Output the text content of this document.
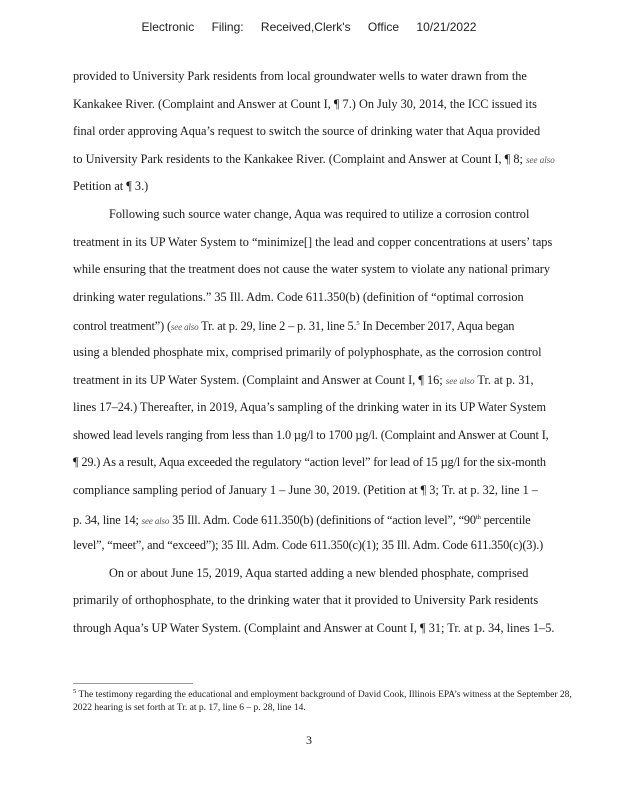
Electronic Filing: Received,Clerk's Office 10/21/2022
provided to University Park residents from local groundwater wells to water drawn from the
Kankakee River. (Complaint and Answer at Count I, ¶ 7.) On July 30, 2014, the ICC issued its
final order approving Aqua’s request to switch the source of drinking water that Aqua provided
to University Park residents to the Kankakee River. (Complaint and Answer at Count I, ¶ 8; see also
Petition at ¶ 3.)
Following such source water change, Aqua was required to utilize a corrosion control
treatment in its UP Water System to “minimize[] the lead and copper concentrations at users’ taps
while ensuring that the treatment does not cause the water system to violate any national primary
drinking water regulations.” 35 Ill. Adm. Code 611.350(b) (definition of “optimal corrosion
control treatment”) (see also Tr. at p. 29, line 2 – p. 31, line 5.$^5$ In December 2017, Aqua began
using a blended phosphate mix, comprised primarily of polyphosphate, as the corrosion control
treatment in its UP Water System. (Complaint and Answer at Count I, ¶ 16; see also Tr. at p. 31,
lines 17–24.) Thereafter, in 2019, Aqua’s sampling of the drinking water in its UP Water System
showed lead levels ranging from less than 1.0 µg/l to 1700 µg/l. (Complaint and Answer at Count I,
¶ 29.) As a result, Aqua exceeded the regulatory “action level” for lead of 15 µg/l for the six-month
compliance sampling period of January 1 – June 30, 2019. (Petition at ¶ 3; Tr. at p. 32, line 1 –
p. 34, line 14; see also 35 Ill. Adm. Code 611.350(b) (definitions of “action level”, “90th percentile
level”, “meet”, and “exceed”); 35 Ill. Adm. Code 611.350(c)(1); 35 Ill. Adm. Code 611.350(c)(3).)
On or about June 15, 2019, Aqua started adding a new blended phosphate, comprised
primarily of orthophosphate, to the drinking water that it provided to University Park residents
through Aqua’s UP Water System. (Complaint and Answer at Count I, ¶ 31; Tr. at p. 34, lines 1–5.
$^5$ The testimony regarding the educational and employment background of David Cook, Illinois EPA’s witness at the September 28, 2022 hearing is set forth at Tr. at p. 17, line 6 – p. 28, line 14.
3
